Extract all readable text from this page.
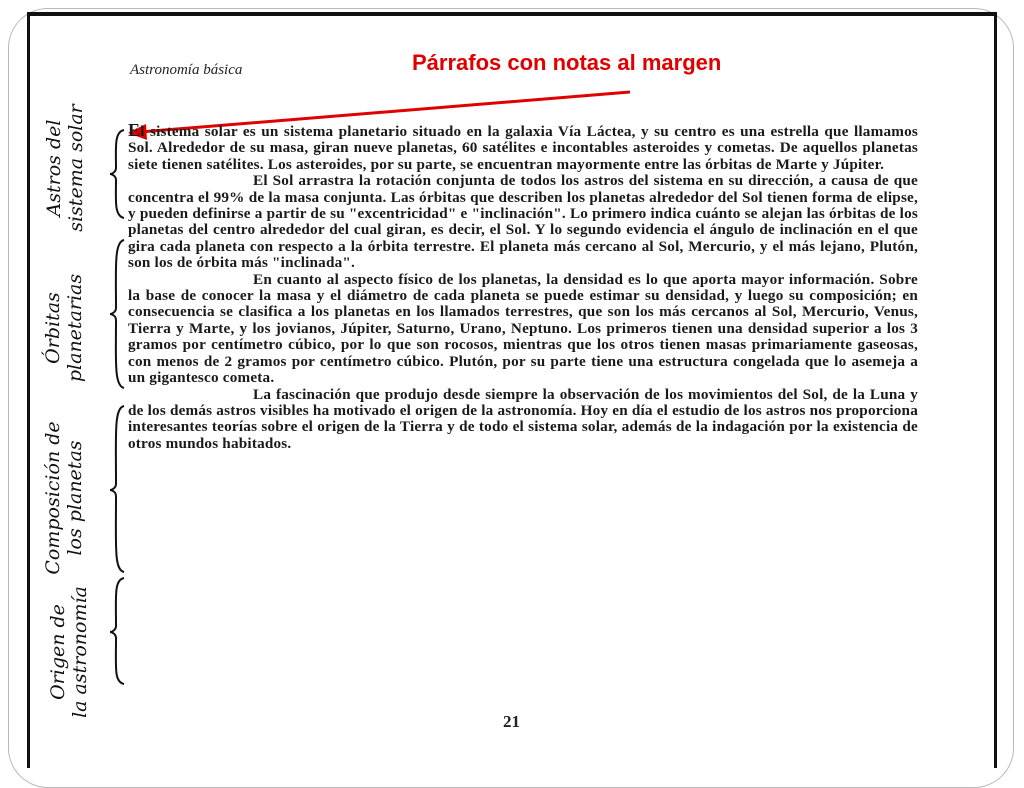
Astronomía básica	Párrafos con notas al margen
Astros del
sistema solar
Órbitas
planetarias
Composición de
los planetas
Origen de
la astronomía

El sistema solar es un sistema planetario situado en la galaxia Vía Láctea, y su centro es una estrella que llamamos Sol. Alrededor de su masa, giran nueve planetas, 60 satélites e incontables asteroides y cometas. De aquellos planetas siete tienen satélites. Los asteroides, por su parte, se encuentran mayormente entre las órbitas de Marte y Júpiter.

El Sol arrastra la rotación conjunta de todos los astros del sistema en su dirección, a causa de que concentra el 99% de la masa conjunta. Las órbitas que describen los planetas alrededor del Sol tienen forma de elipse, y pueden definirse a partir de su "excentricidad" e "inclinación". Lo primero indica cuánto se alejan las órbitas de los planetas del centro alrededor del cual giran, es decir, el Sol. Y lo segundo evidencia el ángulo de inclinación en el que gira cada planeta con respecto a la órbita terrestre. El planeta más cercano al Sol, Mercurio, y el más lejano, Plutón, son los de órbita más "inclinada".

En cuanto al aspecto físico de los planetas, la densidad es lo que aporta mayor información. Sobre la base de conocer la masa y el diámetro de cada planeta se puede estimar su densidad, y luego su composición; en consecuencia se clasifica a los planetas en los llamados terrestres, que son los más cercanos al Sol, Mercurio, Venus, Tierra y Marte, y los jovianos, Júpiter, Saturno, Urano, Neptuno. Los primeros tienen una densidad superior a los 3 gramos por centímetro cúbico, por lo que son rocosos, mientras que los otros tienen masas primariamente gaseosas, con menos de 2 gramos por centímetro cúbico. Plutón, por su parte tiene una estructura congelada que lo asemeja a un gigantesco cometa.

La fascinación que produjo desde siempre la observación de los movimientos del Sol, de la Luna y de los demás astros visibles ha motivado el origen de la astronomía. Hoy en día el estudio de los astros nos proporciona interesantes teorías sobre el origen de la Tierra y de todo el sistema solar, además de la indagación por la existencia de otros mundos habitados.

21
